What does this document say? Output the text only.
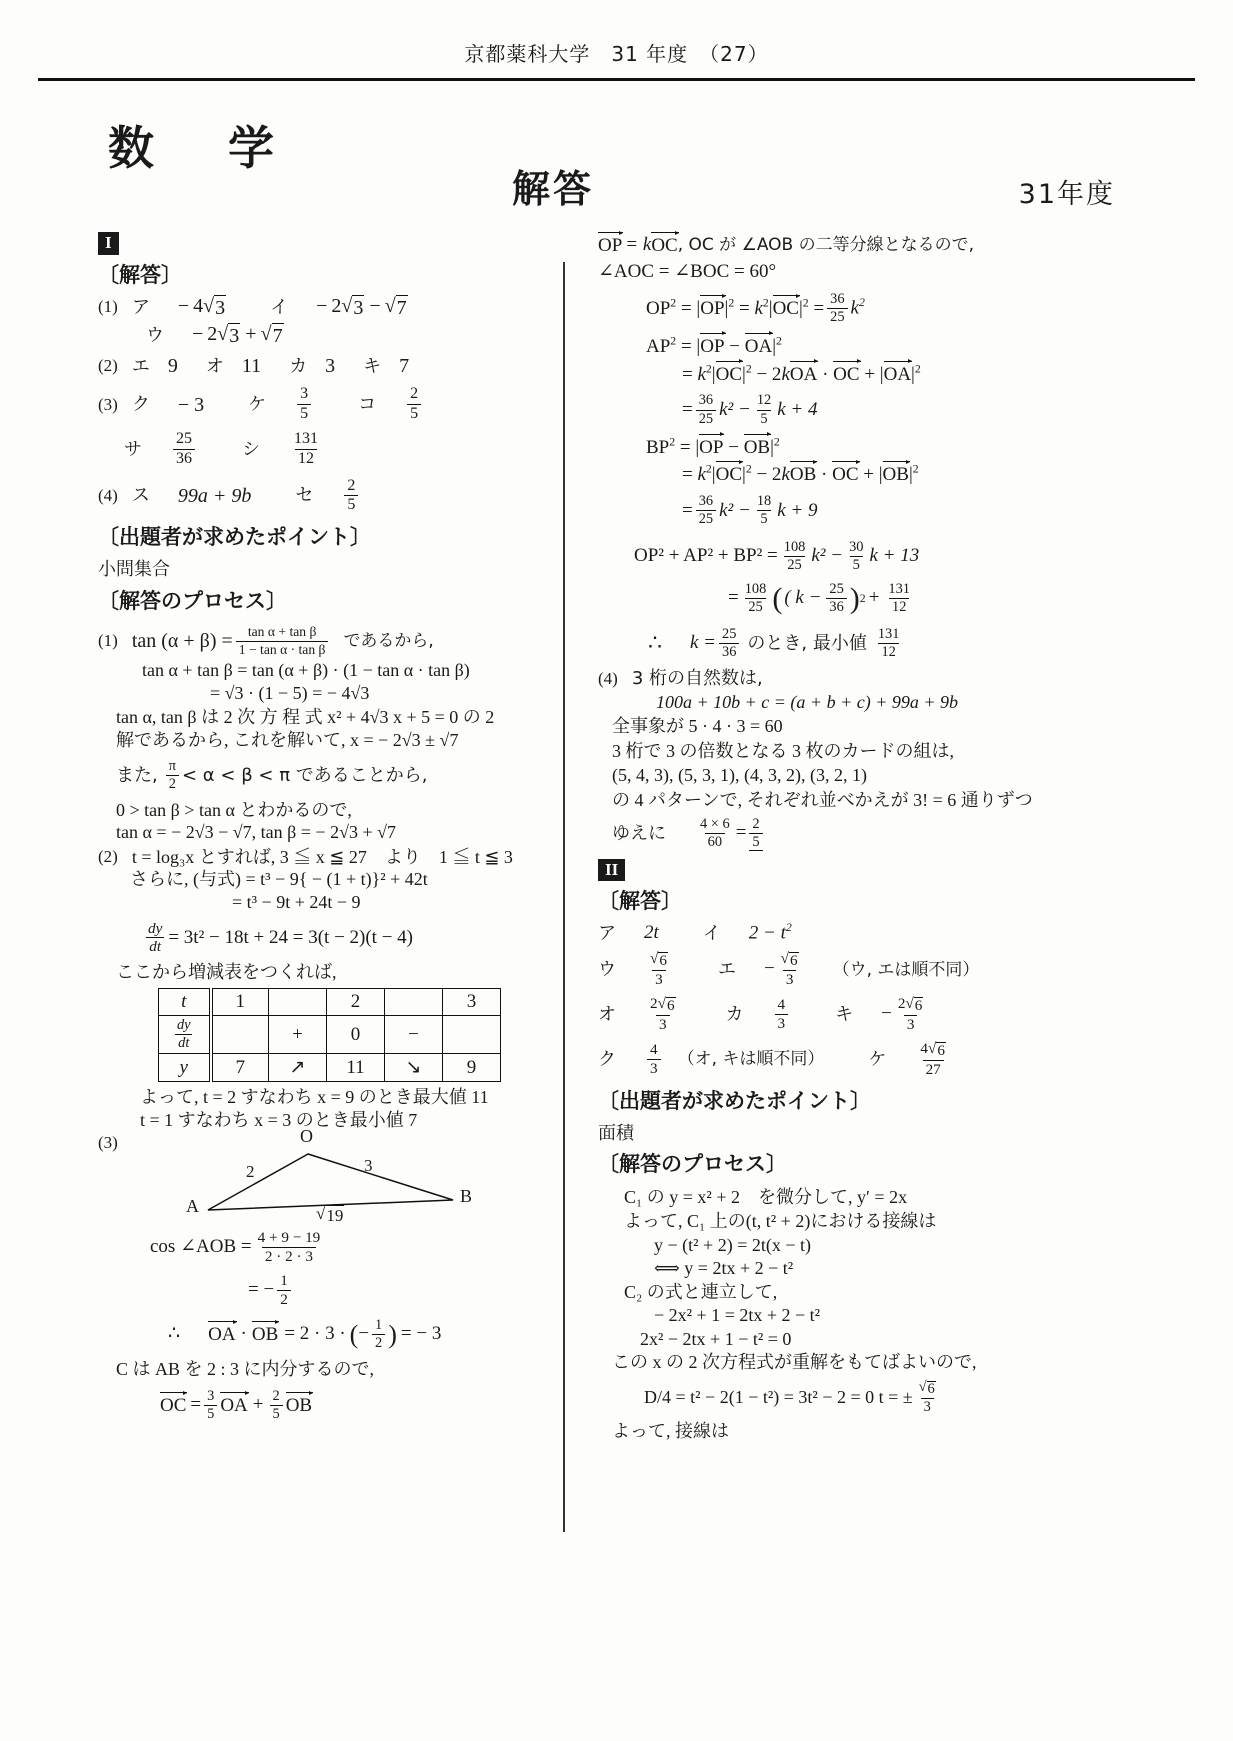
京都薬科大学　31 年度　（27）
数　学
解答	31年度
I
〔解答〕
(1) ア − 4 √ 3	イ − 2 √ 3 −  √ 7
ウ − 2 √ 3 +  √ 7
(2) エ 9 オ 11 カ 3 キ 7
(3) ク − 3 ケ $\frac{3}{5}$	コ $\frac{2}{5}$
サ $\frac{25}{36}$	シ $\frac{131}{12}$
(4) ス 99a + 9b セ $\frac{2}{5}$
〔出題者が求めたポイント〕
小問集合
〔解答のプロセス〕
(1) $\tan (\alpha + \beta) = \frac{\text{tan α + tan β}}{\text{1 − tan α · tan β}}$ であるから,
tan α + tan β = tan (α + β) · (1 − tan α · tan β)
= √3 · (1 − 5) = − 4√3
tan α, tan β は 2 次 方 程 式 x² + 4√3 x + 5 = 0 の 2
解であるから, これを解いて, x = − 2√3 ± √7
また, $\frac{\pi}{2} < \alpha < \beta < \pi$ であることから,
0 > tan β > tan α とわかるので,
tan α = − 2√3 − √7, tan β = − 2√3 + √7
(2) t = log₃x とすれば, 3 ≦ x ≦ 27　より　1 ≦ t ≦ 3
さらに, (与式) = t³ − 9{ − (1 + t)}² + 42t
= t³ − 9t + 24t − 9
$\frac{dy}{dt} = 3t^2 - 18t + 24 = 3(t - 2)(t - 4)$
ここから増減表をつくれば,
t	1		2		3

$\frac{dy}{dt}$		+	0	−	
y	7	↗	11	↘	9
よって, t = 2 すなわち x = 9 のとき最大値 11
t = 1 すなわち x = 3 のとき最小値 7
(3)	O
A	B
2	3
√ 19
cos ∠AOB = $\frac{4 + 9 - 19}{2 \cdot 2 \cdot 3}$
= − $\frac{1}{2}$
∴ OA · OB = 2 · 3 · ( − $\frac{1}{2}$ ) = − 3
C は AB を 2 : 3 に内分するので,
OC = $\frac{3}{5}$ OA + $\frac{2}{5}$ OB
OP = k OC , OC が ∠AOB の二等分線となるので,
∠AOC = ∠BOC = 60°
$OP^2 = |OP|^2 = k^2|OC|^2 = \frac{36}{25} k^2$
$AP^2 = |OP - OA|^2$
= $k^2|OC|^2 - 2kOA$ · OC + $|OA|^2$
= $\frac{36}{25} k^2 - \frac{12}{5}$ k + 4
$BP^2 = |OP - OB|^2$
= $k^2|OC|^2 - 2kOB$ · OC + $|OB|^2$
= $\frac{36}{25} k^2 - \frac{18}{5}$ k + 9
$OP^2 + AP^2 + BP^2 = \frac{108}{25} k^2 - \frac{30}{5}$ k + 13
= $\frac{108}{25}$ ( ( $k - \frac{25}{36}$ ) $2 + \frac{131}{12}$
∴ $k = \frac{25}{36}$ のとき, 最小値 $\frac{131}{12}$
(4) 3 桁の自然数は,
100a + 10b + c = (a + b + c) + 99a + 9b
全事象が 5 · 4 · 3 = 60
3 桁で 3 の倍数となる 3 枚のカードの組は,
(5, 4, 3), (5, 3, 1), (4, 3, 2), (3, 2, 1)
の 4 パターンで, それぞれ並べかえが 3! = 6 通りずつ
ゆえに $\frac{4 \times 6}{60} = \frac{2}{5}$
II
〔解答〕
ア 2t イ $2 - t^2$
ウ $\frac{√ 6}{3}$	エ − $\frac{√ 6}{3}$ （ウ, エは順不同）
オ $\frac{2 √ 6}{3}$	カ $\frac{4}{3}$	キ − $\frac{2 √ 6}{3}$
ク $\frac{4}{3}$ （オ, キは順不同） ケ $\frac{4 √ 6}{27}$
〔出題者が求めたポイント〕
面積
〔解答のプロセス〕
C₁ の y = x² + 2　を微分して, y′ = 2x
よって, C₁ 上の(t, t² + 2)における接線は
y − (t² + 2) = 2t(x − t)
⟺ y = 2tx + 2 − t²
C₂ の式と連立して,
− 2x² + 1 = 2tx + 2 − t²
2x² − 2tx + 1 − t² = 0
この x の 2 次方程式が重解をもてばよいので,
D/4 = t² − 2(1 − t²) = 3t² − 2 = 0 t = ± $\frac{√ 6}{3}$
よって, 接線は
